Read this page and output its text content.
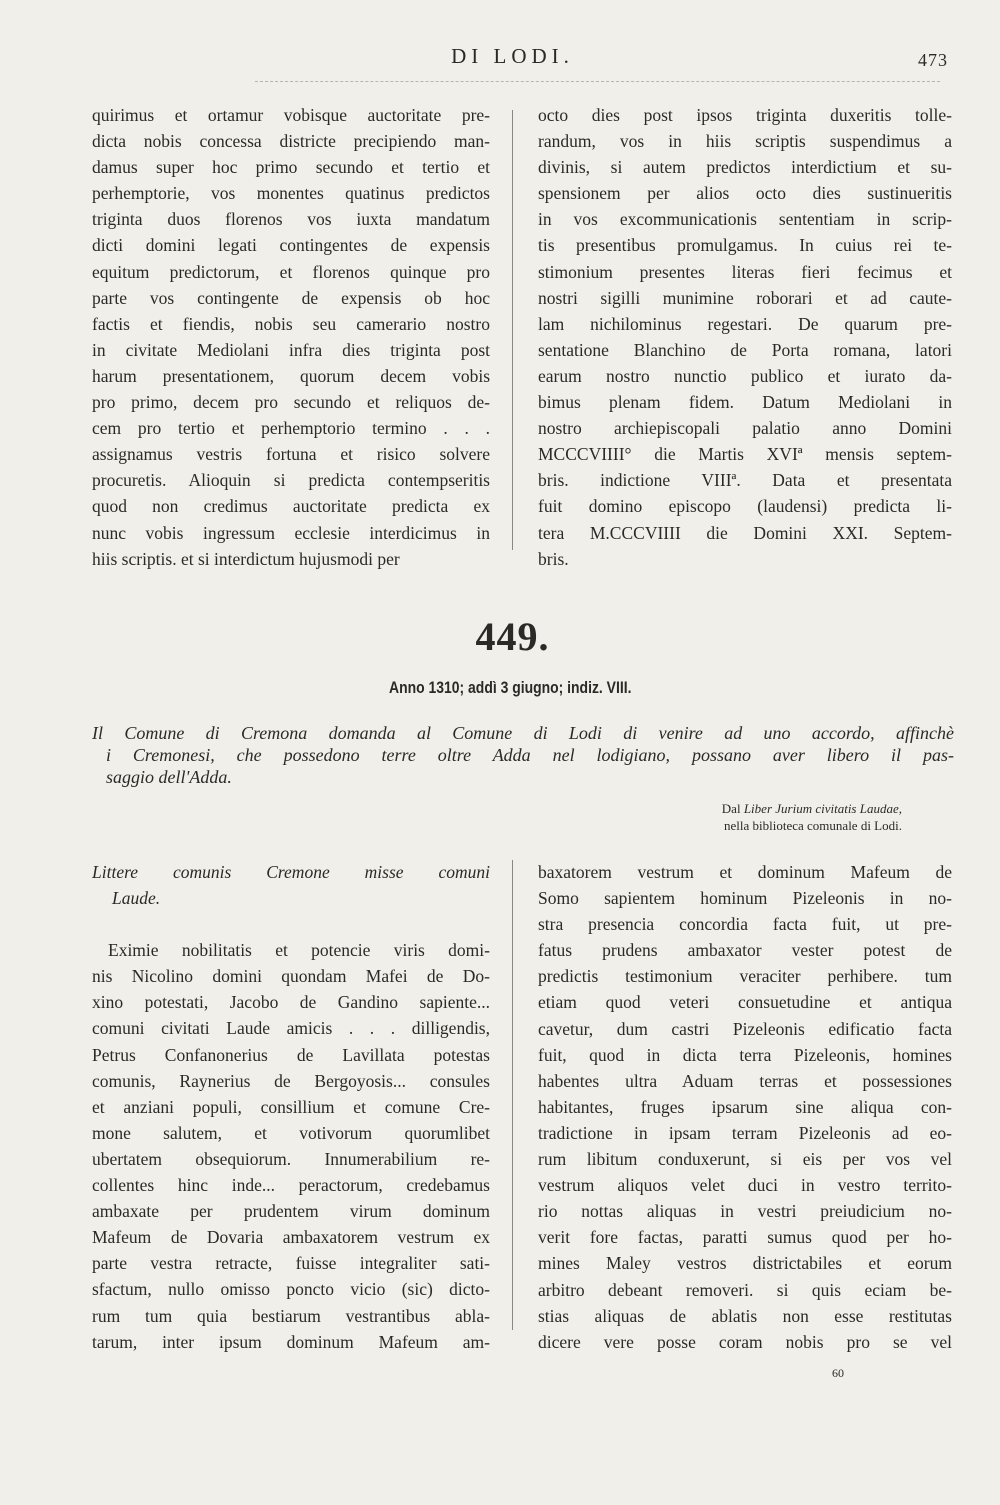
DI LODI.	473
quirimus et ortamur vobisque auctoritate pre-
dicta nobis concessa districte precipiendo man-
damus super hoc primo secundo et tertio et
perhemptorie, vos monentes quatinus predictos
triginta duos florenos vos iuxta mandatum
dicti domini legati contingentes de expensis
equitum predictorum, et florenos quinque pro
parte vos contingente de expensis ob hoc
factis et fiendis, nobis seu camerario nostro
in civitate Mediolani infra dies triginta post
harum presentationem, quorum decem vobis
pro primo, decem pro secundo et reliquos de-
cem pro tertio et perhemptorio termino . . .
assignamus vestris fortuna et risico solvere
procuretis. Alioquin si predicta contempseritis
quod non credimus auctoritate predicta ex
nunc vobis ingressum ecclesie interdicimus in
hiis scriptis. et si interdictum hujusmodi per
octo dies post ipsos triginta duxeritis tolle-
randum, vos in hiis scriptis suspendimus a
divinis, si autem predictos interdictium et su-
spensionem per alios octo dies sustinueritis
in vos excommunicationis sententiam in scrip-
tis presentibus promulgamus. In cuius rei te-
stimonium presentes literas fieri fecimus et
nostri sigilli munimine roborari et ad caute-
lam nichilominus regestari. De quarum pre-
sentatione Blanchino de Porta romana, latori
earum nostro nunctio publico et iurato da-
bimus plenam fidem. Datum Mediolani in
nostro archiepiscopali palatio anno Domini
MCCCVIIII° die Martis XVIª mensis septem-
bris. indictione VIIIª. Data et presentata
fuit domino episcopo (laudensi) predicta li-
tera M.CCCVIIII die Domini XXI. Septem-
bris.
449.
Anno 1310; addì 3 giugno; indiz. VIII.
Il Comune di Cremona domanda al Comune di Lodi di venire ad uno accordo, affinchè
i Cremonesi, che possedono terre oltre Adda nel lodigiano, possano aver libero il pas-
saggio dell'Adda.
Dal Liber Jurium civitatis Laudae,
nella biblioteca comunale di Lodi.
Littere comunis Cremone misse comuni
Laude.
Eximie nobilitatis et potencie viris domi-
nis Nicolino domini quondam Mafei de Do-
xino potestati, Jacobo de Gandino sapiente...
comuni civitati Laude amicis . . . dilligendis,
Petrus Confanonerius de Lavillata potestas
comunis, Raynerius de Bergoyosis... consules
et anziani populi, consillium et comune Cre-
mone salutem, et votivorum quorumlibet
ubertatem obsequiorum. Innumerabilium re-
collentes hinc inde... peractorum, credebamus
ambaxate per prudentem virum dominum
Mafeum de Dovaria ambaxatorem vestrum ex
parte vestra retracte, fuisse integraliter sati-
sfactum, nullo omisso poncto vicio (sic) dicto-
rum tum quia bestiarum vestrantibus abla-
tarum, inter ipsum dominum Mafeum am-
baxatorem vestrum et dominum Mafeum de
Somo sapientem hominum Pizeleonis in no-
stra presencia concordia facta fuit, ut pre-
fatus prudens ambaxator vester potest de
predictis testimonium veraciter perhibere. tum
etiam quod veteri consuetudine et antiqua
cavetur, dum castri Pizeleonis edificatio facta
fuit, quod in dicta terra Pizeleonis, homines
habentes ultra Aduam terras et possessiones
habitantes, fruges ipsarum sine aliqua con-
tradictione in ipsam terram Pizeleonis ad eo-
rum libitum conduxerunt, si eis per vos vel
vestrum aliquos velet duci in vestro territo-
rio nottas aliquas in vestri preiudicium no-
verit fore factas, paratti sumus quod per ho-
mines Maley vestros districtabiles et eorum
arbitro debeant removeri. si quis eciam be-
stias aliquas de ablatis non esse restitutas
dicere vere posse coram nobis pro se vel
60
